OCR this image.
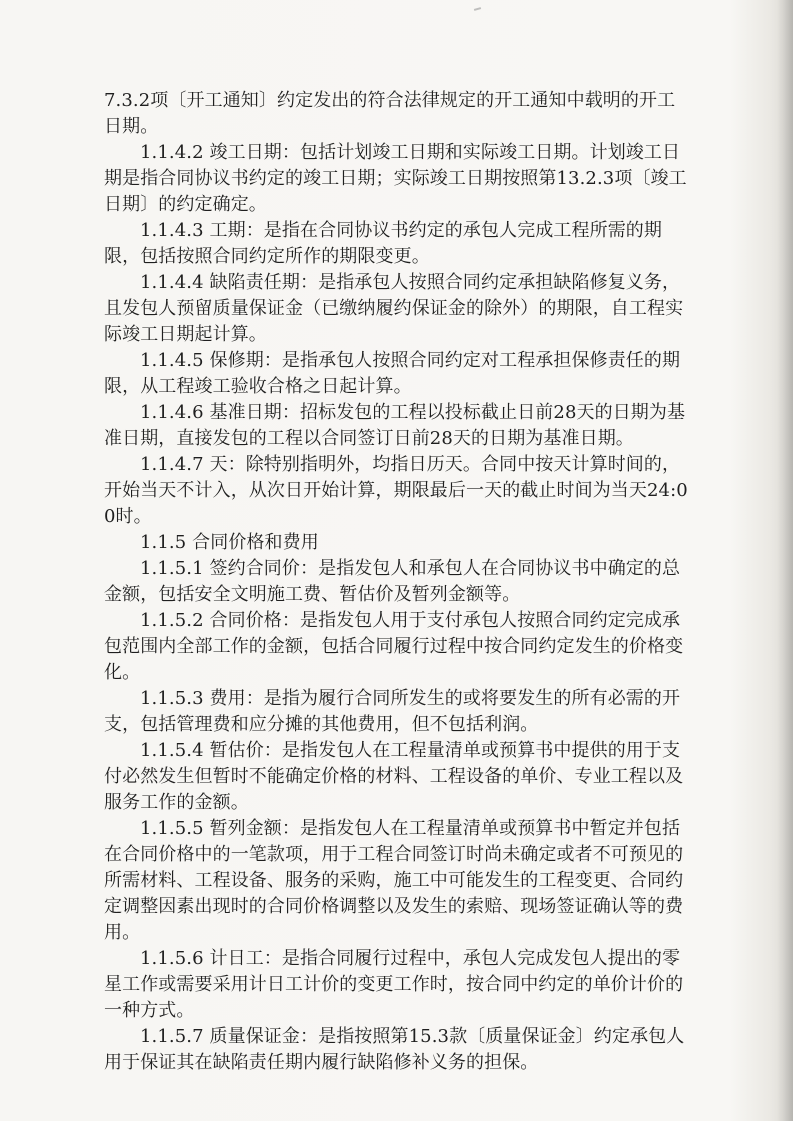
7.3.2项〔开工通知〕约定发出的符合法律规定的开工通知中载明的开工日期。

1.1.4.2 竣工日期：包括计划竣工日期和实际竣工日期。计划竣工日期是指合同协议书约定的竣工日期；实际竣工日期按照第13.2.3项〔竣工日期〕的约定确定。

1.1.4.3 工期：是指在合同协议书约定的承包人完成工程所需的期限，包括按照合同约定所作的期限变更。

1.1.4.4 缺陷责任期：是指承包人按照合同约定承担缺陷修复义务，且发包人预留质量保证金（已缴纳履约保证金的除外）的期限，自工程实际竣工日期起计算。

1.1.4.5 保修期：是指承包人按照合同约定对工程承担保修责任的期限，从工程竣工验收合格之日起计算。

1.1.4.6 基准日期：招标发包的工程以投标截止日前28天的日期为基准日期，直接发包的工程以合同签订日前28天的日期为基准日期。

1.1.4.7 天：除特别指明外，均指日历天。合同中按天计算时间的，开始当天不计入，从次日开始计算，期限最后一天的截止时间为当天24:00时。

1.1.5 合同价格和费用

1.1.5.1 签约合同价：是指发包人和承包人在合同协议书中确定的总金额，包括安全文明施工费、暂估价及暂列金额等。

1.1.5.2 合同价格：是指发包人用于支付承包人按照合同约定完成承包范围内全部工作的金额，包括合同履行过程中按合同约定发生的价格变化。

1.1.5.3 费用：是指为履行合同所发生的或将要发生的所有必需的开支，包括管理费和应分摊的其他费用，但不包括利润。

1.1.5.4 暂估价：是指发包人在工程量清单或预算书中提供的用于支付必然发生但暂时不能确定价格的材料、工程设备的单价、专业工程以及服务工作的金额。

1.1.5.5 暂列金额：是指发包人在工程量清单或预算书中暂定并包括在合同价格中的一笔款项，用于工程合同签订时尚未确定或者不可预见的所需材料、工程设备、服务的采购，施工中可能发生的工程变更、合同约定调整因素出现时的合同价格调整以及发生的索赔、现场签证确认等的费用。

1.1.5.6 计日工：是指合同履行过程中，承包人完成发包人提出的零星工作或需要采用计日工计价的变更工作时，按合同中约定的单价计价的一种方式。

1.1.5.7 质量保证金：是指按照第15.3款〔质量保证金〕约定承包人用于保证其在缺陷责任期内履行缺陷修补义务的担保。
